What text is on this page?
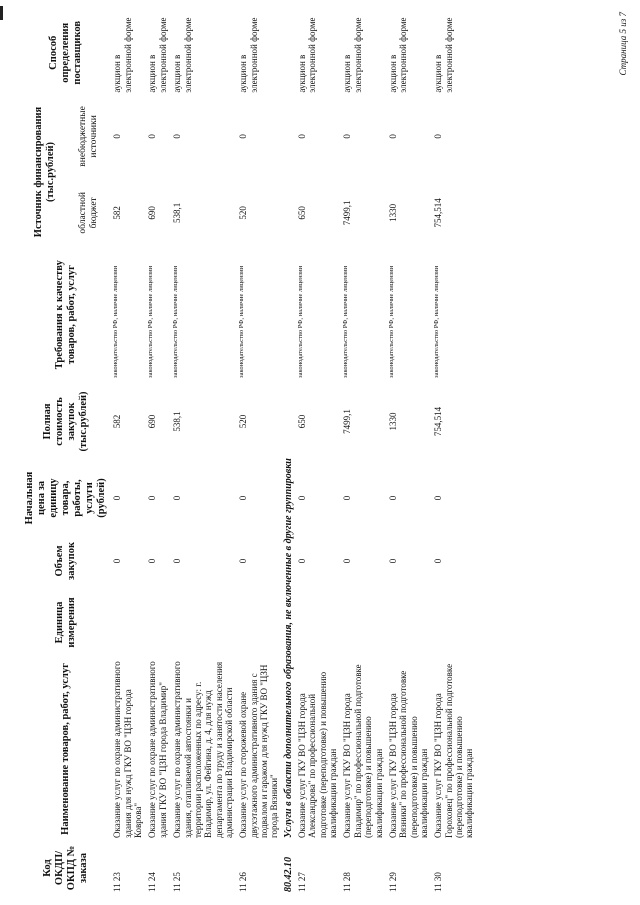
Код ОКДП/ ОКПД № заказа	Наименование товаров, работ, услуг	Единица измерения	Объем закупок	Начальная цена за единицу товара, работы, услуги (рублей)	Полная стоимость закупок (тыс.рублей)	Требования к качеству товаров, работ, услуг	Источник финансирования (тыс.рублей)		Способ определения поставщиков
							областной бюджет	внебюджетные источники	
11 23	Оказание услуг по охране административного здания для нужд ГКУ ВО "ЦЗН города Коврова"		0	0	582	законодательство РФ, наличие лицензии	582	0	аукцион в электронной форме
11 24	Оказание услуг по охране административного здания ГКУ ВО "ЦЗН города Владимир"		0	0	690	законодательство РФ, наличие лицензии	690	0	аукцион в электронной форме
11 25	Оказание услуг по охране административного здания, отапливаемой автостоянки и территории расположенных по адресу: г. Владимир, ул. Фейгина, д. 4, для нужд департамента по труду и занятости населения администрации Владимирской области		0	0	538,1	законодательство РФ, наличие лицензии	538,1	0	аукцион в электронной форме
11 26	Оказание услуг по сторожевой охране двухэтажного административного здания с подвалом и гаражом для нужд ГКУ ВО "ЦЗН города Вязники"		0	0	520	законодательство РФ, наличие лицензии	520	0	аукцион в электронной форме
80.42.10	Услуги в области дополнительного образования, не включенные в другие группировки								
11 27	Оказание услуг ГКУ ВО "ЦЗН города Александрова" по профессиональной подготовке (переподготовке) и повышению квалификации граждан		0	0	650	законодательство РФ, наличие лицензии	650	0	аукцион в электронной форме
11 28	Оказание услуг ГКУ ВО "ЦЗН города Владимир" по профессиональной подготовке (переподготовке) и повышению квалификации граждан		0	0	7499,1	законодательство РФ, наличие лицензии	7499,1	0	аукцион в электронной форме
11 29	Оказание услуг ГКУ ВО "ЦЗН города Вязники" по профессиональной подготовке (переподготовке) и повышению квалификации граждан		0	0	1330	законодательство РФ, наличие лицензии	1330	0	аукцион в электронной форме
11 30	Оказание услуг ГКУ ВО "ЦЗН города Гороховец" по профессиональной подготовке (переподготовке) и повышению квалификации граждан		0	0	754,514	законодательство РФ, наличие лицензии	754,514	0	аукцион в электронной форме	Страница 5 из 7
